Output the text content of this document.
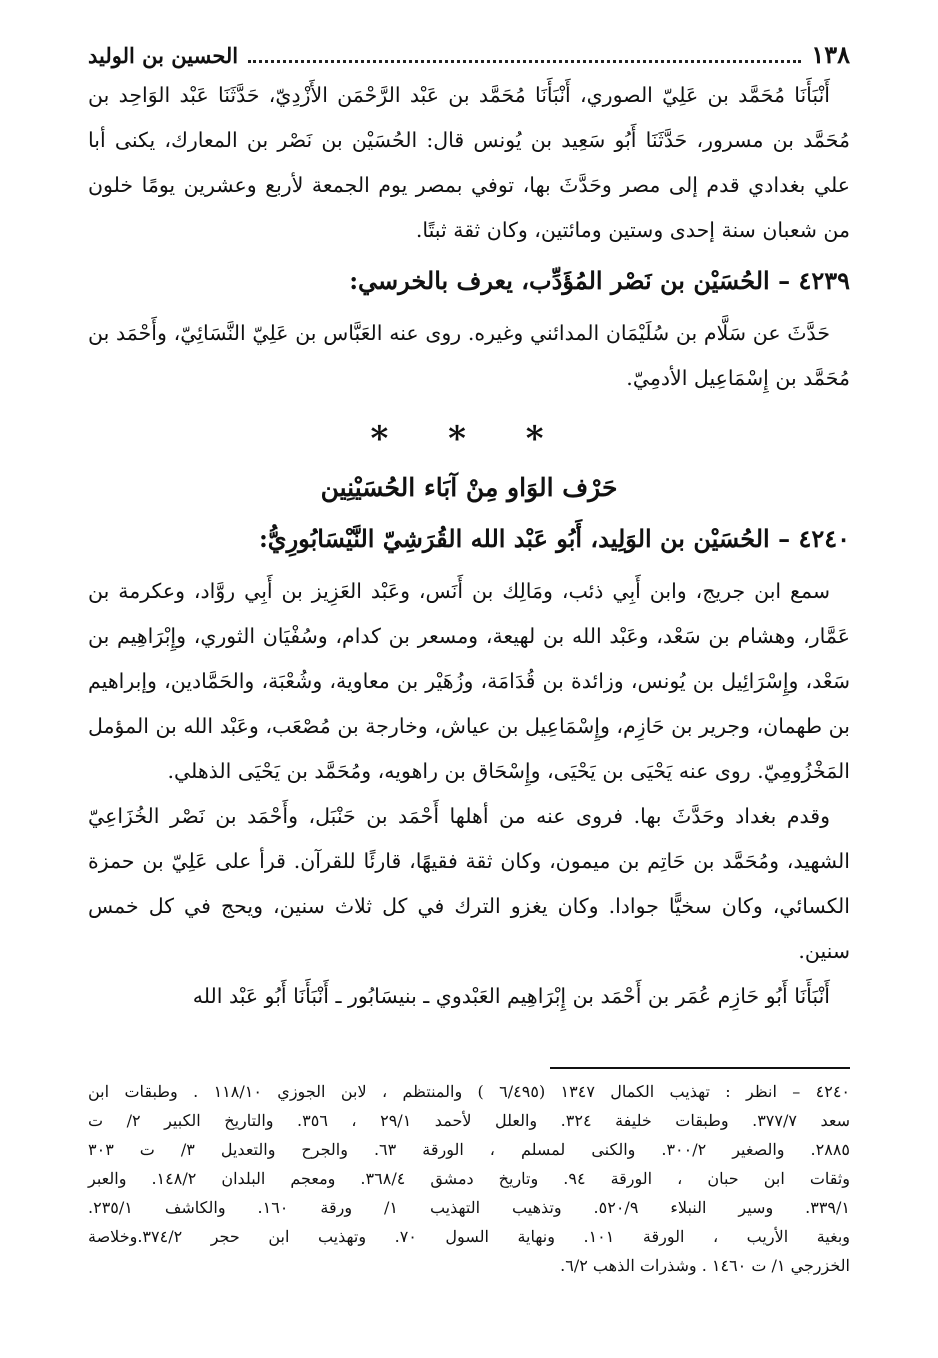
١٣٨
الحسين بن الوليد

أَنْبَأَنَا مُحَمَّد بن عَلِيّ الصوري، أَنْبَأَنَا مُحَمَّد بن عَبْد الرَّحْمَن الأَزْدِيّ، حَدَّثَنَا عَبْد الوَاحِد بن مُحَمَّد بن مسرور، حَدَّثَنَا أَبُو سَعِيد بن يُونس قال: الحُسَيْن بن نَصْر بن المعارك، يكنى أبا علي بغدادي قدم إلى مصر وحَدَّثَ بها، توفي بمصر يوم الجمعة لأربع وعشرين يومًا خلون من شعبان سنة إحدى وستين ومائتين، وكان ثقة ثبتًا.

٤٢٣٩ – الحُسَيْن بن نَصْر المُؤَدِّب، يعرف بالخرسي:

حَدَّثَ عن سَلَّام بن سُلَيْمَان المدائني وغيره. روى عنه العَبَّاس بن عَلِيّ النَّسَائِيّ، وأَحْمَد بن مُحَمَّد بن إِسْمَاعِيل الأدمِيّ.

* * *
حَرْف الوَاو مِنْ آبَاء الحُسَيْنِين
٤٢٤٠ – الحُسَيْن بن الوَلِيد، أَبُو عَبْد الله القُرَشِيّ النَّيْسَابُورِيُّ:

سمع ابن جريج، وابن أَبِي ذئب، ومَالِك بن أَنَس، وعَبْد العَزِيز بن أَبِي روَّاد، وعكرمة بن عَمَّار، وهشام بن سَعْد، وعَبْد الله بن لهيعة، ومسعر بن كدام، وسُفْيَان الثوري، وإِبْرَاهِيم بن سَعْد، وإِسْرَائِيل بن يُونس، وزائدة بن قُدَامَة، وزُهَيْر بن معاوية، وشُعْبَة، والحَمَّادين، وإبراهيم بن طهمان، وجرير بن حَازِم، وإِسْمَاعِيل بن عياش، وخارجة بن مُصْعَب، وعَبْد الله بن المؤمل المَخْزُومِيّ. روى عنه يَحْيَى بن يَحْيَى، وإِسْحَاق بن راهويه، ومُحَمَّد بن يَحْيَى الذهلي.

وقدم بغداد وحَدَّثَ بها. فروى عنه من أهلها أَحْمَد بن حَنْبَل، وأَحْمَد بن نَصْر الخُزَاعِيّ الشهيد، ومُحَمَّد بن حَاتِم بن ميمون، وكان ثقة فقيهًا، قارئًا للقرآن. قرأ على عَلِيّ بن حمزة الكسائي، وكان سخيًّا جوادا. وكان يغزو الترك في كل ثلاث سنين، ويحج في كل خمس سنين.

أَنْبَأَنَا أَبُو حَازِم عُمَر بن أَحْمَد بن إِبْرَاهِيم العَبْدوي ـ بنيسَابُور ـ أَنْبَأَنَا أَبُو عَبْد الله

٤٢٤٠ – انظر : تهذيب الكمال ١٣٤٧ (٦/٤٩٥ ) والمنتظم ، لابن الجوزي ١١٨/١٠ . وطبقات ابن
سعد ٣٧٧/٧. وطبقات خليفة ٣٢٤. والعلل لأحمد ٢٩/١ ، ٣٥٦. والتاريخ الكبير ٢/ ت
٢٨٨٥. والصغير ٣٠٠/٢. والكنى لمسلم ، الورقة ٦٣. والجرح والتعديل ٣/ ت ٣٠٣
وثقات ابن حبان ، الورقة ٩٤. وتاريخ دمشق ٣٦٨/٤. ومعجم البلدان ١٤٨/٢. والعبر
٣٣٩/١. وسير النبلاء ٥٢٠/٩. وتذهيب التهذيب ١/ ورقة ١٦٠. والكاشف ٢٣٥/١.
وبغية الأريب ، الورقة ١٠١. ونهاية السول ٧٠. وتهذيب ابن حجر ٣٧٤/٢.وخلاصة
الخزرجي ١/ ت ١٤٦٠ . وشذرات الذهب ٦/٢.
